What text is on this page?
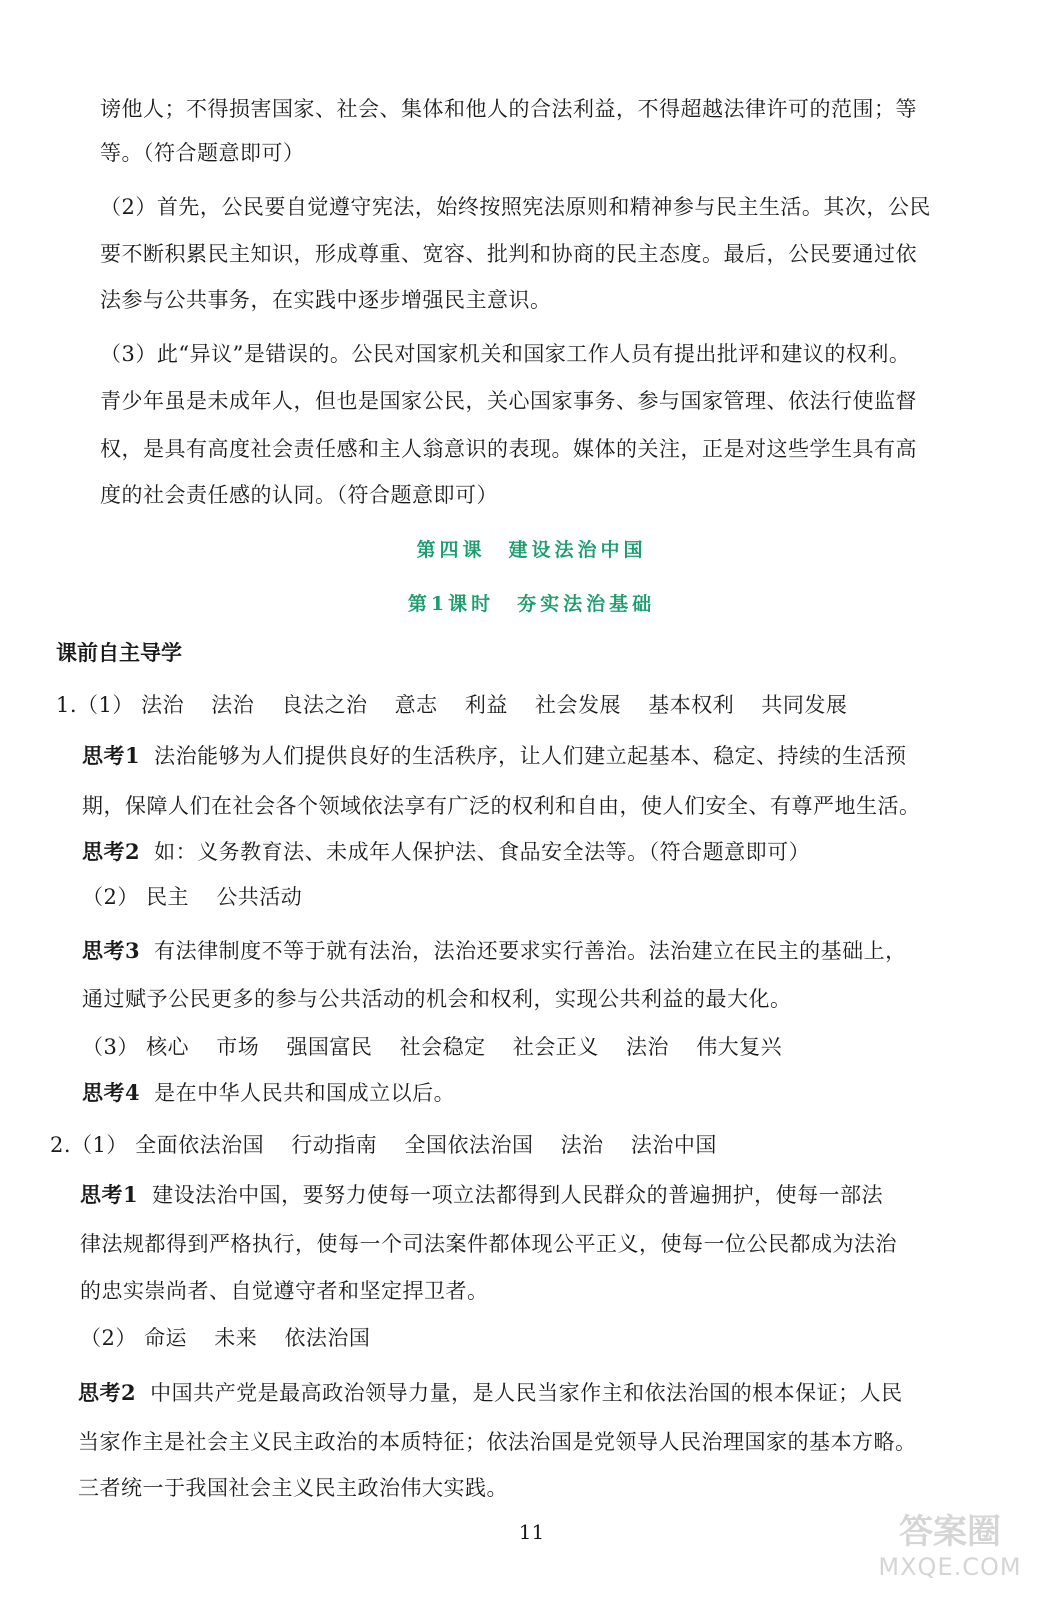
谤他人；不得损害国家、社会、集体和他人的合法利益，不得超越法律许可的范围；等
等。（符合题意即可）
（2）首先，公民要自觉遵守宪法，始终按照宪法原则和精神参与民主生活。其次，公民
要不断积累民主知识，形成尊重、宽容、批判和协商的民主态度。最后，公民要通过依
法参与公共事务，在实践中逐步增强民主意识。
（3）此“异议”是错误的。公民对国家机关和国家工作人员有提出批评和建议的权利。
青少年虽是未成年人，但也是国家公民，关心国家事务、参与国家管理、依法行使监督
权，是具有高度社会责任感和主人翁意识的表现。媒体的关注，正是对这些学生具有高
度的社会责任感的认同。（符合题意即可）
第四课　建设法治中国
第1课时　夯实法治基础
课前自主导学
1.（1） 法治 法治 良法之治 意志 利益 社会发展 基本权利 共同发展
思考1 法治能够为人们提供良好的生活秩序，让人们建立起基本、稳定、持续的生活预
期，保障人们在社会各个领域依法享有广泛的权利和自由，使人们安全、有尊严地生活。
思考2 如：义务教育法、未成年人保护法、食品安全法等。（符合题意即可）
（2） 民主 公共活动
思考3 有法律制度不等于就有法治，法治还要求实行善治。法治建立在民主的基础上，
通过赋予公民更多的参与公共活动的机会和权利，实现公共利益的最大化。
（3） 核心 市场 强国富民 社会稳定 社会正义 法治 伟大复兴
思考4 是在中华人民共和国成立以后。
2.（1） 全面依法治国 行动指南 全国依法治国 法治 法治中国
思考1 建设法治中国，要努力使每一项立法都得到人民群众的普遍拥护，使每一部法
律法规都得到严格执行，使每一个司法案件都体现公平正义，使每一位公民都成为法治
的忠实崇尚者、自觉遵守者和坚定捍卫者。
（2） 命运 未来 依法治国
思考2 中国共产党是最高政治领导力量，是人民当家作主和依法治国的根本保证；人民
当家作主是社会主义民主政治的本质特征；依法治国是党领导人民治理国家的基本方略。
三者统一于我国社会主义民主政治伟大实践。
11	答案圈
MXQE.COM
